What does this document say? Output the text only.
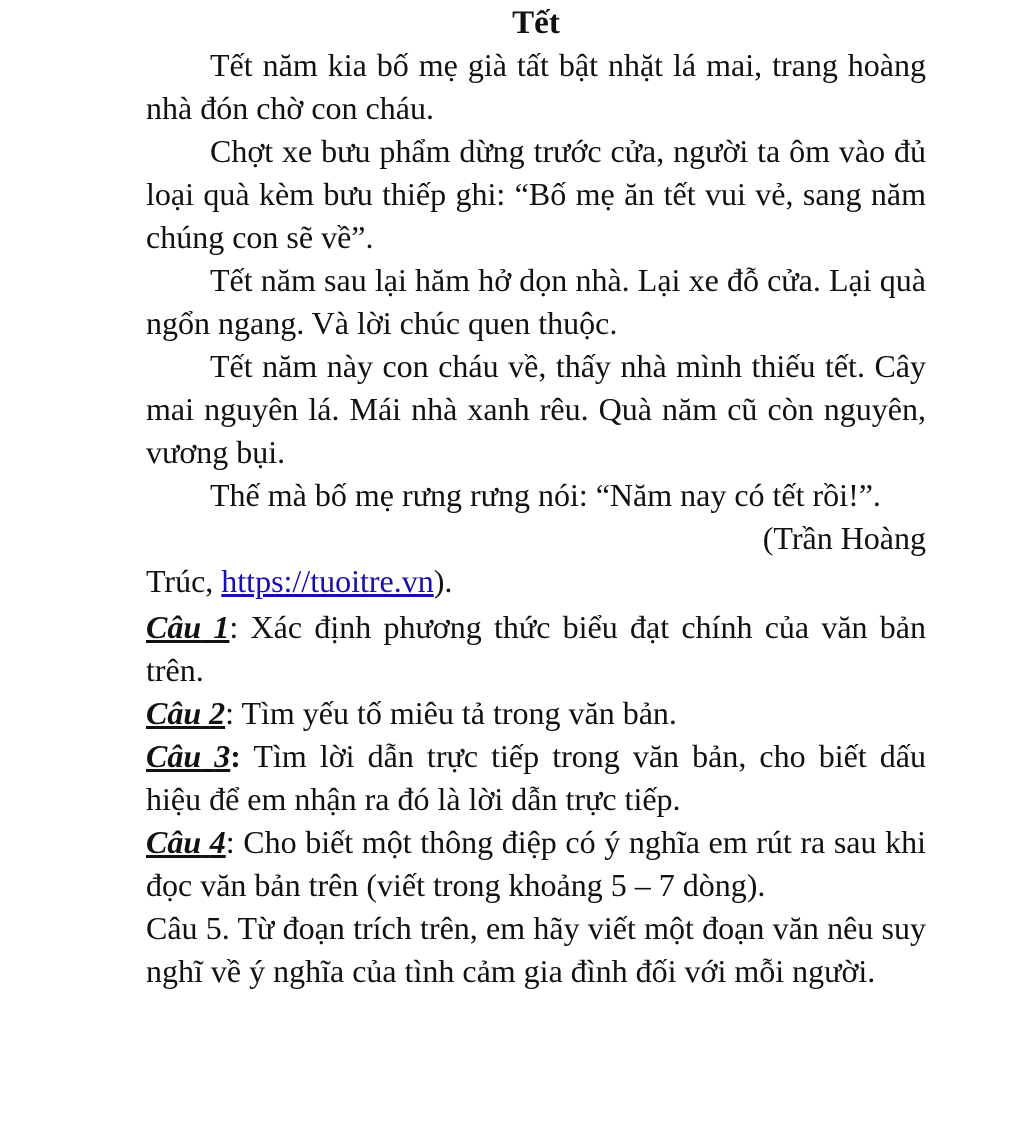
Tết

Tết năm kia bố mẹ già tất bật nhặt lá mai, trang hoàng nhà đón chờ con cháu.

Chợt xe bưu phẩm dừng trước cửa, người ta ôm vào đủ loại quà kèm bưu thiếp ghi: “Bố mẹ ăn tết vui vẻ, sang năm chúng con sẽ về”.

Tết năm sau lại hăm hở dọn nhà. Lại xe đỗ cửa. Lại quà ngổn ngang. Và lời chúc quen thuộc.

Tết năm này con cháu về, thấy nhà mình thiếu tết. Cây mai nguyên lá. Mái nhà xanh rêu. Quà năm cũ còn nguyên, vương bụi.

Thế mà bố mẹ rưng rưng nói: “Năm nay có tết rồi!”.

(Trần Hoàng

Trúc, https://tuoitre.vn).

Câu 1: Xác định phương thức biểu đạt chính của văn bản trên.

Câu 2: Tìm yếu tố miêu tả trong văn bản.

Câu 3: Tìm lời dẫn trực tiếp trong văn bản, cho biết dấu hiệu để em nhận ra đó là lời dẫn trực tiếp.

Câu 4: Cho biết một thông điệp có ý nghĩa em rút ra sau khi đọc văn bản trên (viết trong khoảng 5 – 7 dòng).

Câu 5. Từ đoạn trích trên, em hãy viết một đoạn văn nêu suy nghĩ về ý nghĩa của tình cảm gia đình đối với mỗi người.
